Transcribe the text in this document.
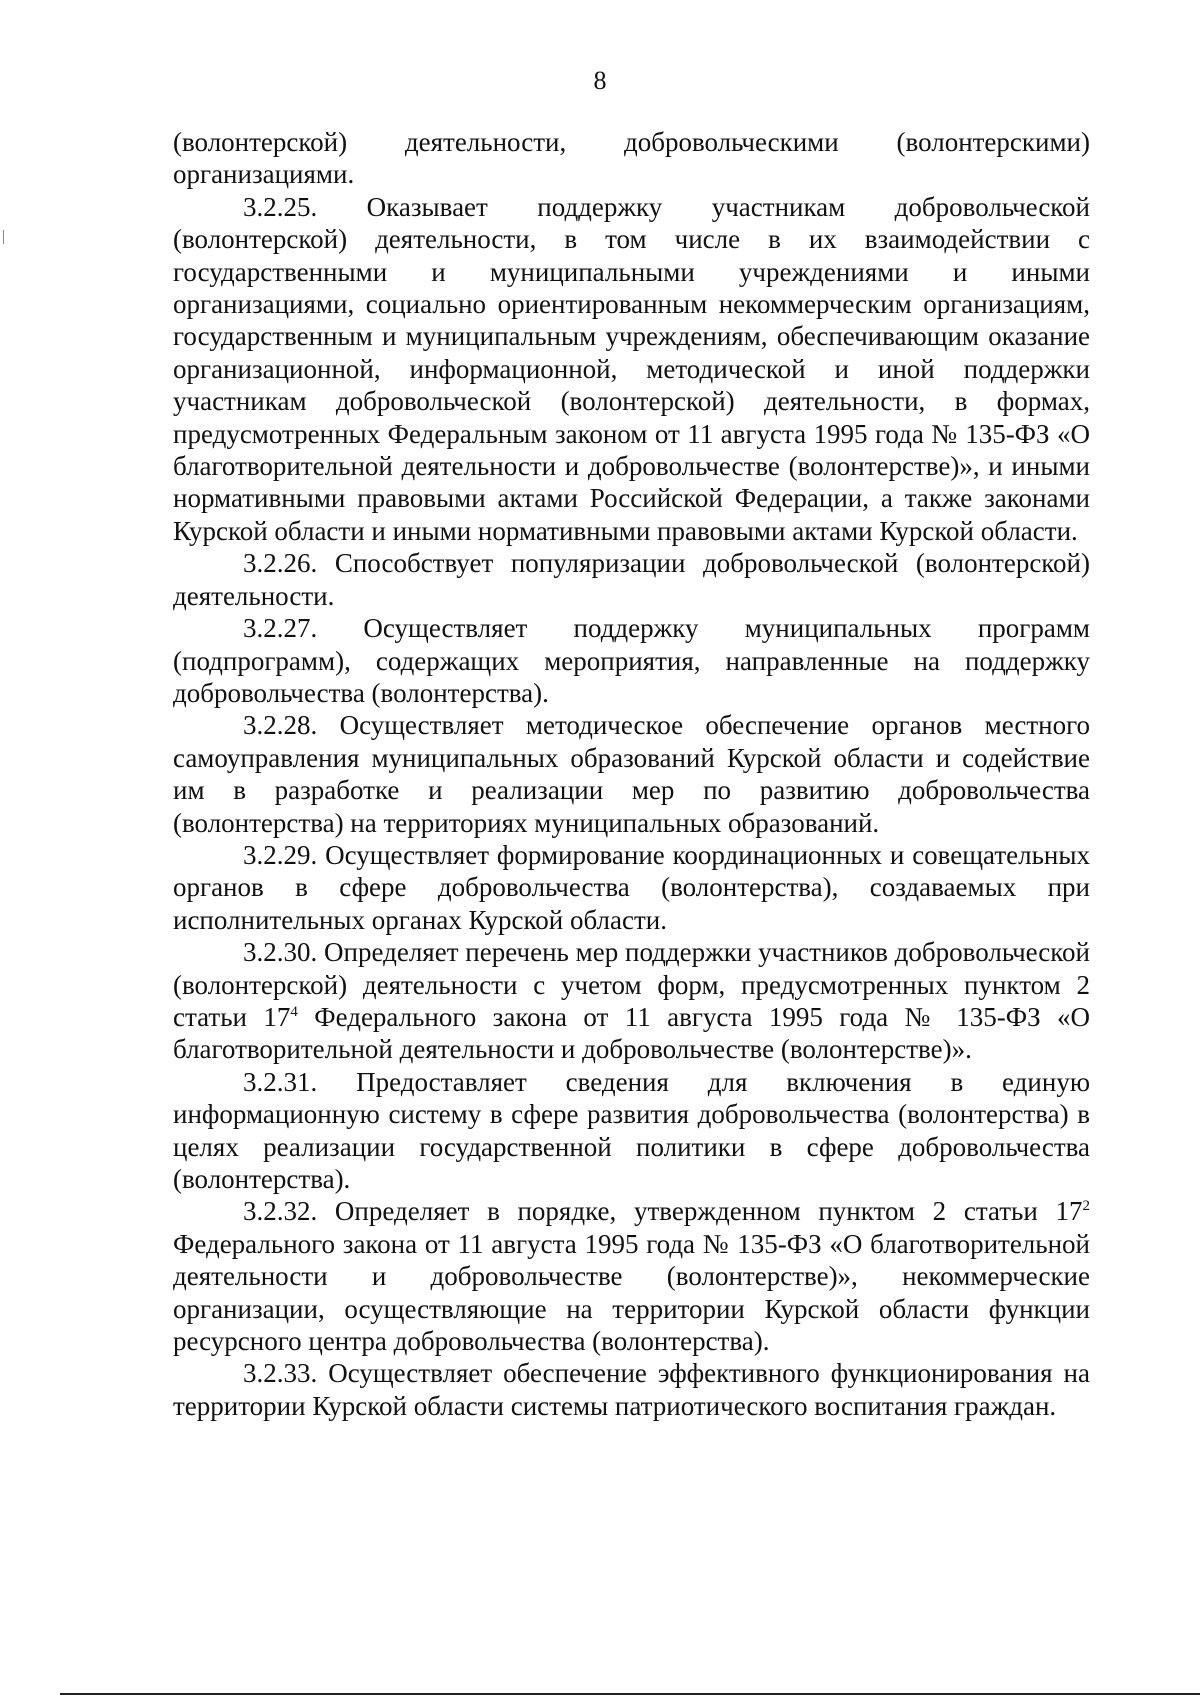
8

(волонтерской) деятельности, добровольческими (волонтерскими) организациями.

3.2.25. Оказывает поддержку участникам добровольческой (волонтерской) деятельности, в том числе в их взаимодействии с государственными и муниципальными учреждениями и иными организациями, социально ориентированным некоммерческим организациям, государственным и муниципальным учреждениям, обеспечивающим оказание организационной, информационной, методической и иной поддержки участникам добровольческой (волонтерской) деятельности, в формах, предусмотренных Федеральным законом от 11 августа 1995 года № 135-ФЗ «О благотворительной деятельности и добровольчестве (волонтерстве)», и иными нормативными правовыми актами Российской Федерации, а также законами Курской области и иными нормативными правовыми актами Курской области.

3.2.26. Способствует популяризации добровольческой (волонтерской) деятельности.

3.2.27. Осуществляет поддержку муниципальных программ (подпрограмм), содержащих мероприятия, направленные на поддержку добровольчества (волонтерства).

3.2.28. Осуществляет методическое обеспечение органов местного самоуправления муниципальных образований Курской области и содействие им в разработке и реализации мер по развитию добровольчества (волонтерства) на территориях муниципальных образований.

3.2.29. Осуществляет формирование координационных и совещательных органов в сфере добровольчества (волонтерства), создаваемых при исполнительных органах Курской области.

3.2.30. Определяет перечень мер поддержки участников добровольческой (волонтерской) деятельности с учетом форм, предусмотренных пунктом 2 статьи $17^4$ Федерального закона от 11 августа 1995 года № 135-ФЗ «О благотворительной деятельности и добровольчестве (волонтерстве)».

3.2.31. Предоставляет сведения для включения в единую информационную систему в сфере развития добровольчества (волонтерства) в целях реализации государственной политики в сфере добровольчества (волонтерства).

3.2.32. Определяет в порядке, утвержденном пунктом 2 статьи $17^2$ Федерального закона от 11 августа 1995 года № 135-ФЗ «О благотворительной деятельности и добровольчестве (волонтерстве)», некоммерческие организации, осуществляющие на территории Курской области функции ресурсного центра добровольчества (волонтерства).

3.2.33. Осуществляет обеспечение эффективного функционирования на территории Курской области системы патриотического воспитания граждан.
